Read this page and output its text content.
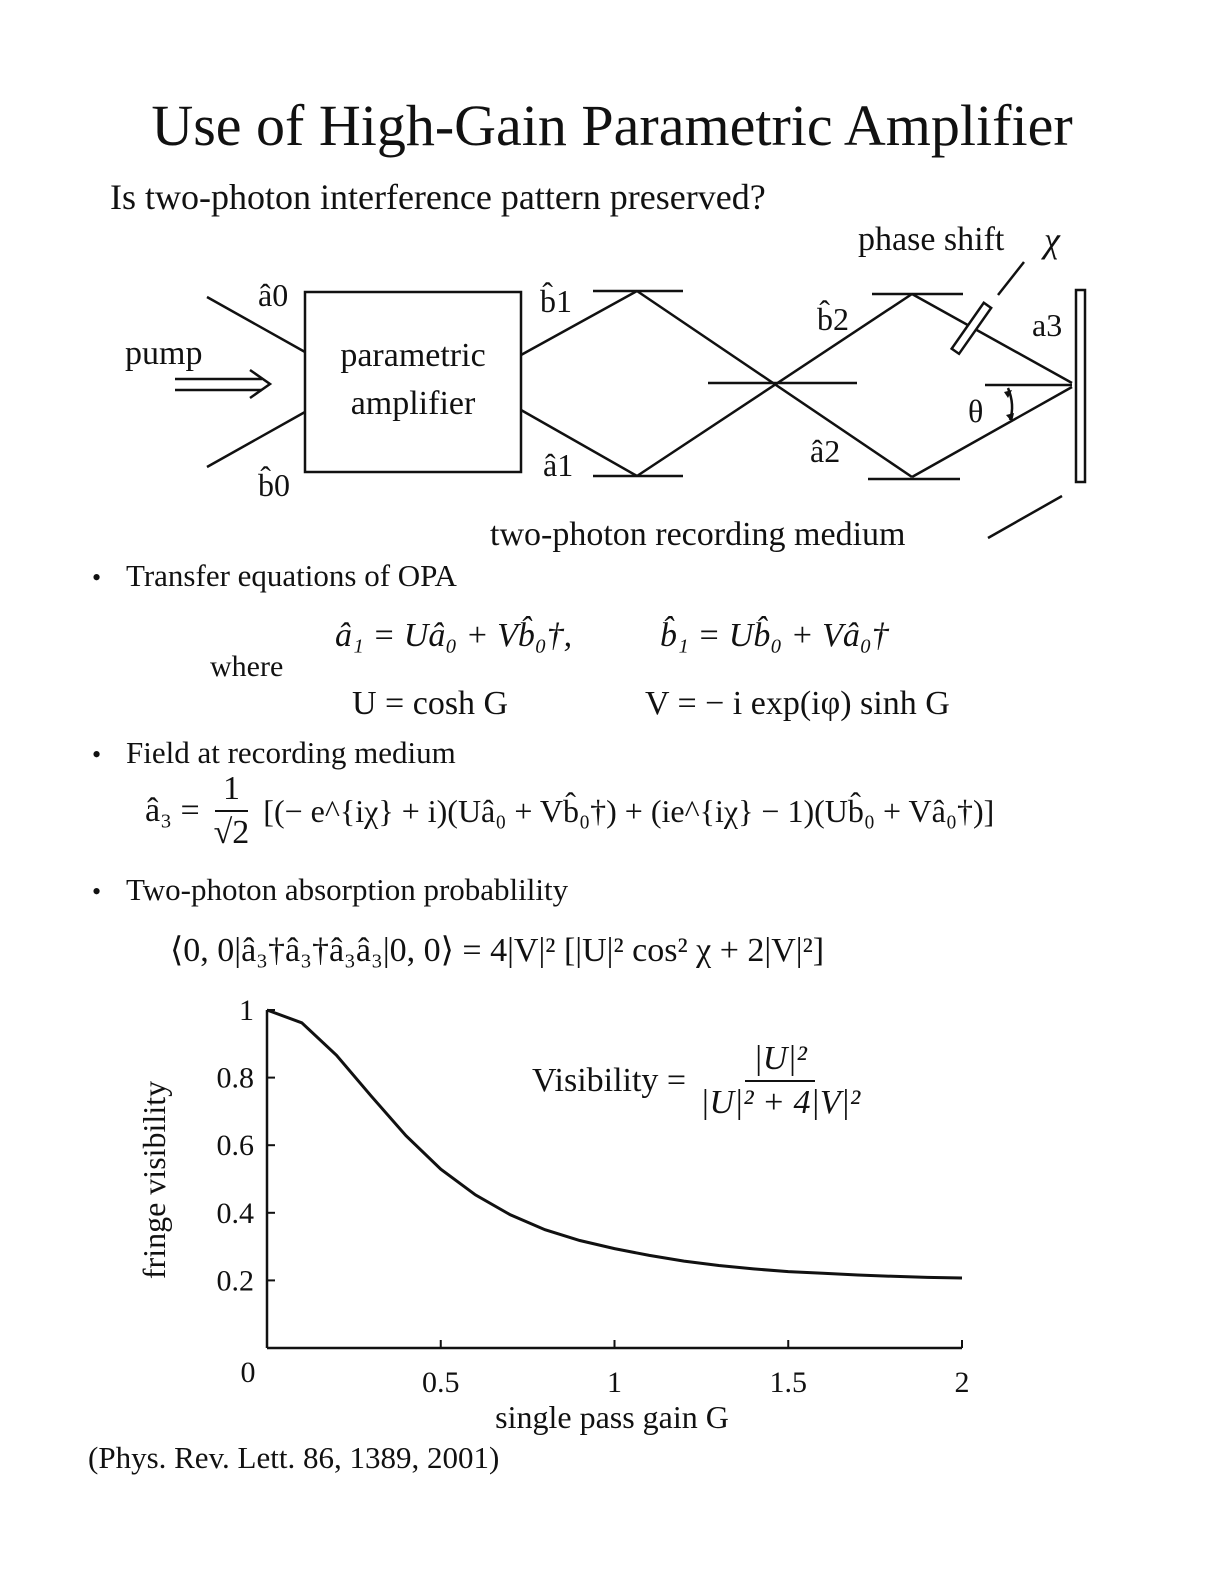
Use of High-Gain Parametric Amplifier
Is two-photon interference pattern preserved?
phase shift χ
pump	parametric
amplifier
â0
b̂0
b̂1
â1
b̂2
â2
a3
θ
two-photon recording medium
• Transfer equations of OPA
â₁ = Uâ₀ + Vb̂₀†,	b̂₁ = Ub̂₀ + Vâ₀†
where
U = cosh G	V = − i exp(iφ) sinh G
• Field at recording medium
â₃ = $\frac{1}{√2}$ [(− e^{iχ} + i)(Uâ₀ + Vb̂₀†) + (ie^{iχ} − 1)(Ub̂₀ + Vâ₀†)]
• Two-photon absorption probablility
⟨0, 0|â₃†â₃†â₃â₃|0, 0⟩ = 4|V|² [|U|² cos² χ + 2|V|²]
0.5	1	1.5	2
0.2
0.4
0.6
0.8
1
fringe visibility
single pass gain G
0
Visibility = $\frac{\text{|U|²}}{\text{|U|² + 4|V|²}}$
(Phys. Rev. Lett. 86, 1389, 2001)
